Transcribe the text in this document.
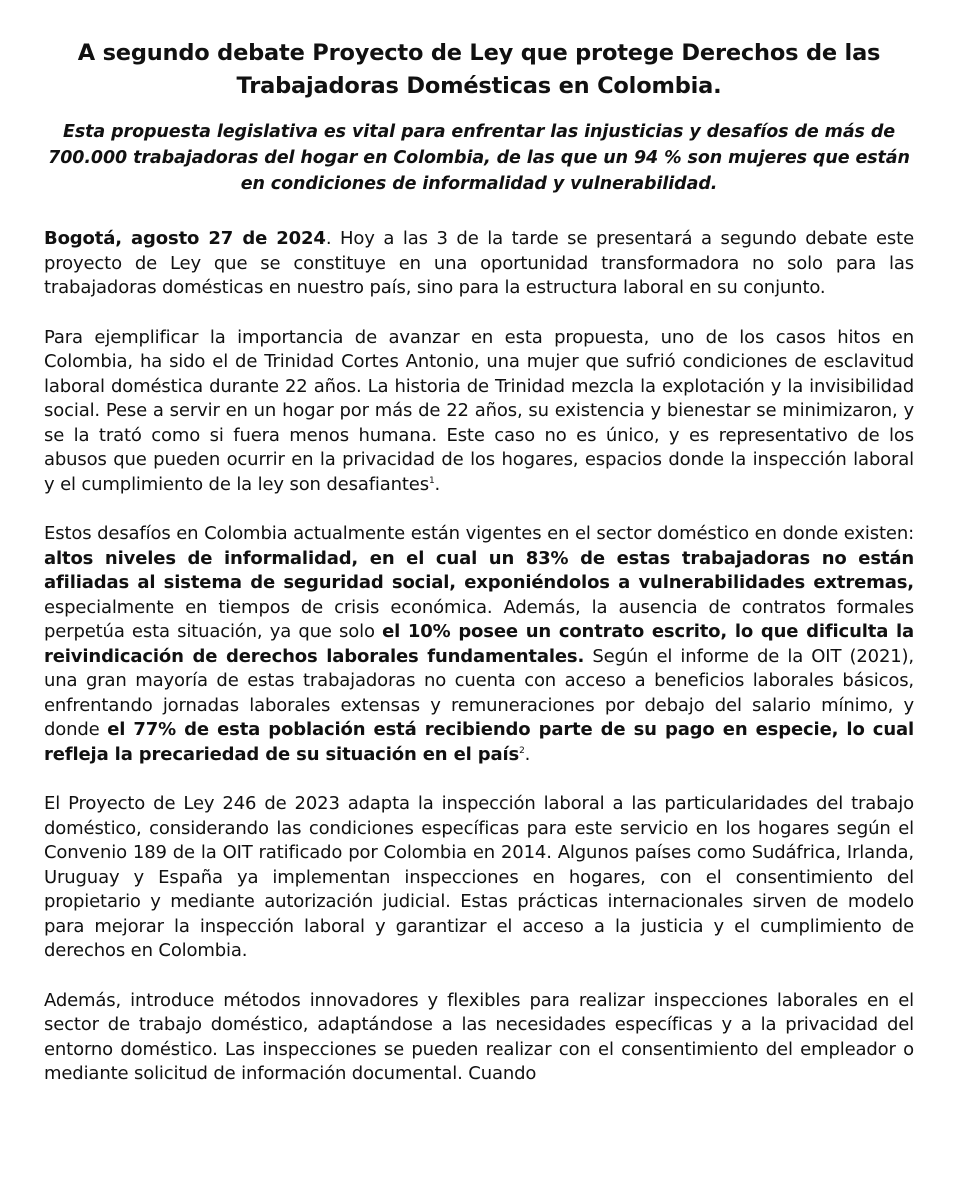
A segundo debate Proyecto de Ley que protege Derechos de las Trabajadoras Domésticas en Colombia.

Esta propuesta legislativa es vital para enfrentar las injusticias y desafíos de más de 700.000 trabajadoras del hogar en Colombia, de las que un 94 % son mujeres que están en condiciones de informalidad y vulnerabilidad.

Bogotá, agosto 27 de 2024. Hoy a las 3 de la tarde se presentará a segundo debate este proyecto de Ley que se constituye en una oportunidad transformadora no solo para las trabajadoras domésticas en nuestro país, sino para la estructura laboral en su conjunto.

Para ejemplificar la importancia de avanzar en esta propuesta, uno de los casos hitos en Colombia, ha sido el de Trinidad Cortes Antonio, una mujer que sufrió condiciones de esclavitud laboral doméstica durante 22 años. La historia de Trinidad mezcla la explotación y la invisibilidad social. Pese a servir en un hogar por más de 22 años, su existencia y bienestar se minimizaron, y se la trató como si fuera menos humana. Este caso no es único, y es representativo de los abusos que pueden ocurrir en la privacidad de los hogares, espacios donde la inspección laboral y el cumplimiento de la ley son desafiantes$^1$.

Estos desafíos en Colombia actualmente están vigentes en el sector doméstico en donde existen: altos niveles de informalidad, en el cual un 83% de estas trabajadoras no están afiliadas al sistema de seguridad social, exponiéndolos a vulnerabilidades extremas, especialmente en tiempos de crisis económica. Además, la ausencia de contratos formales perpetúa esta situación, ya que solo el 10% posee un contrato escrito, lo que dificulta la reivindicación de derechos laborales fundamentales. Según el informe de la OIT (2021), una gran mayoría de estas trabajadoras no cuenta con acceso a beneficios laborales básicos, enfrentando jornadas laborales extensas y remuneraciones por debajo del salario mínimo, y donde el 77% de esta población está recibiendo parte de su pago en especie, lo cual refleja la precariedad de su situación en el país$^2$.

El Proyecto de Ley 246 de 2023 adapta la inspección laboral a las particularidades del trabajo doméstico, considerando las condiciones específicas para este servicio en los hogares según el Convenio 189 de la OIT ratificado por Colombia en 2014. Algunos países como Sudáfrica, Irlanda, Uruguay y España ya implementan inspecciones en hogares, con el consentimiento del propietario y mediante autorización judicial. Estas prácticas internacionales sirven de modelo para mejorar la inspección laboral y garantizar el acceso a la justicia y el cumplimiento de derechos en Colombia.

Además, introduce métodos innovadores y flexibles para realizar inspecciones laborales en el sector de trabajo doméstico, adaptándose a las necesidades específicas y a la privacidad del entorno doméstico. Las inspecciones se pueden realizar con el consentimiento del empleador o mediante solicitud de información documental. Cuando
